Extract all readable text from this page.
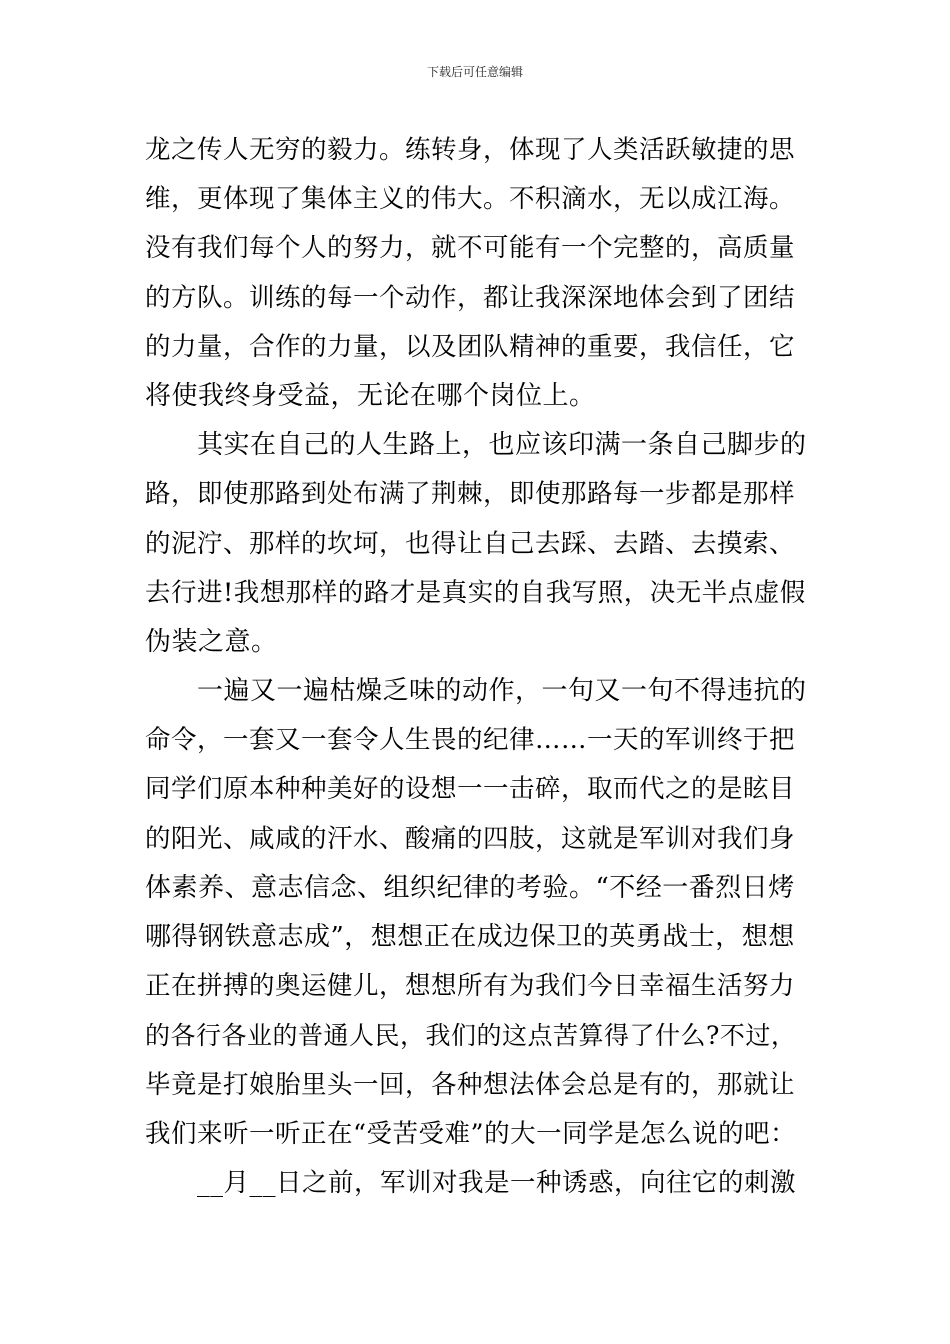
下载后可任意编辑
龙之传人无穷的毅力。练转身，体现了人类活跃敏捷的思
维，更体现了集体主义的伟大。不积滴水，无以成江海。
没有我们每个人的努力，就不可能有一个完整的，高质量
的方队。训练的每一个动作，都让我深深地体会到了团结
的力量，合作的力量，以及团队精神的重要，我信任，它
将使我终身受益，无论在哪个岗位上。
其实在自己的人生路上，也应该印满一条自己脚步的
路，即使那路到处布满了荆棘，即使那路每一步都是那样
的泥泞、那样的坎坷，也得让自己去踩、去踏、去摸索、
去行进!我想那样的路才是真实的自我写照，决无半点虚假
伪装之意。
一遍又一遍枯燥乏味的动作，一句又一句不得违抗的
命令，一套又一套令人生畏的纪律……一天的军训终于把
同学们原本种种美好的设想一一击碎，取而代之的是眩目
的阳光、咸咸的汗水、酸痛的四肢，这就是军训对我们身
体素养、意志信念、组织纪律的考验。“不经一番烈日烤
哪得钢铁意志成”，想想正在成边保卫的英勇战士，想想
正在拼搏的奥运健儿，想想所有为我们今日幸福生活努力
的各行各业的普通人民，我们的这点苦算得了什么?不过，
毕竟是打娘胎里头一回，各种想法体会总是有的，那就让
我们来听一听正在“受苦受难”的大一同学是怎么说的吧：
__月__日之前，军训对我是一种诱惑，向往它的刺激
